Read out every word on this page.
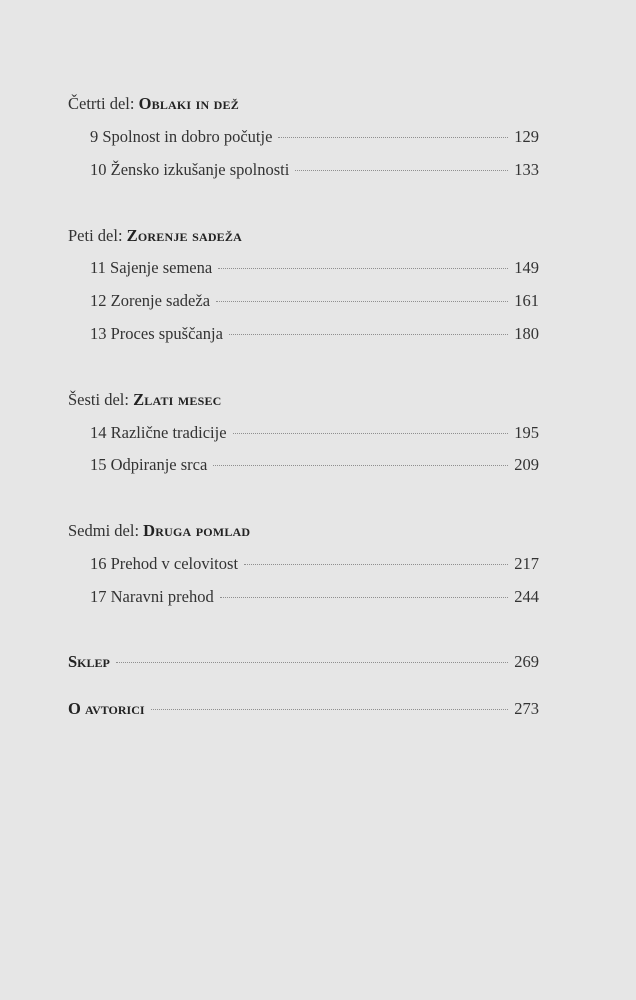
Četrti del: Oblaki in dež
9 Spolnost in dobro počutje	129
10 Žensko izkušanje spolnosti	133
Peti del: Zorenje sadeža
11 Sajenje semena	149
12 Zorenje sadeža	161
13 Proces spuščanja	180
Šesti del: Zlati mesec
14 Različne tradicije	195
15 Odpiranje srca	209
Sedmi del: Druga pomlad
16 Prehod v celovitost	217
17 Naravni prehod	244
Sklep	269
O avtorici	273
